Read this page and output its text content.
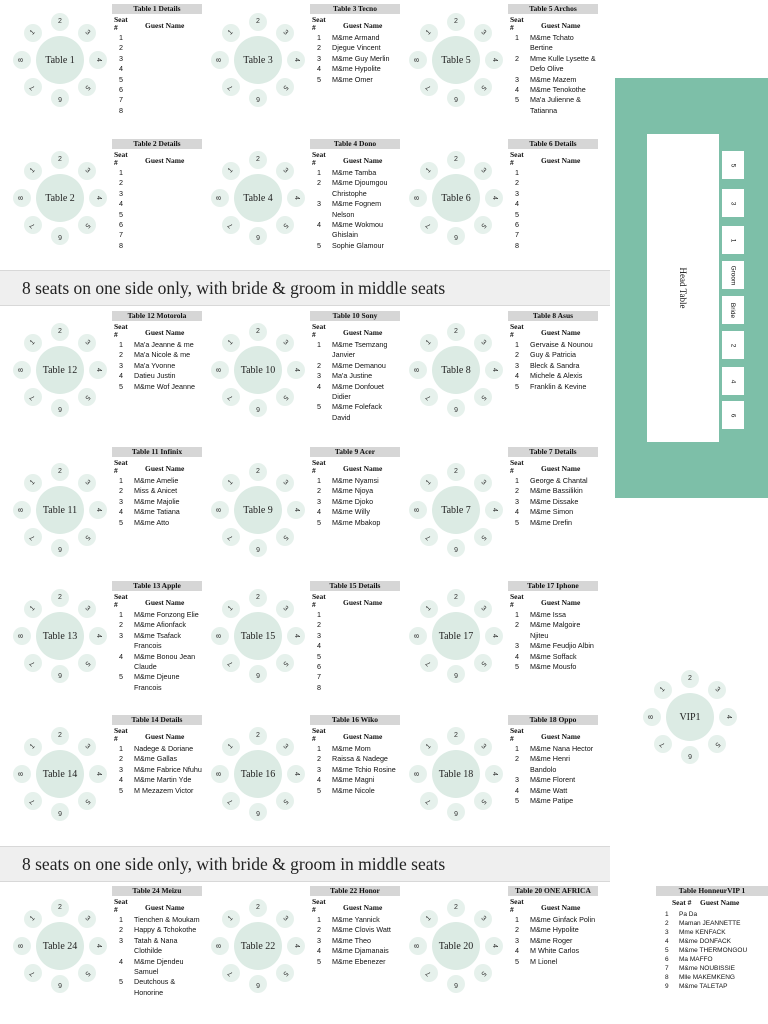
8 seats on one side only, with bride & groom in middle seats
8 seats on one side only, with bride & groom in middle seats
Table 1
2
3
4
5
6
7
8
1
Table 3
2
3
4
5
6
7
8
1
Table 5
2
3
4
5
6
7
8
1
Table 2
2
3
4
5
6
7
8
1
Table 4
2
3
4
5
6
7
8
1
Table 6
2
3
4
5
6
7
8
1
Table 12
2
3
4
5
6
7
8
1
Table 10
2
3
4
5
6
7
8
1
Table 8
2
3
4
5
6
7
8
1
Table 11
2
3
4
5
6
7
8
1
Table 9
2
3
4
5
6
7
8
1
Table 7
2
3
4
5
6
7
8
1
Table 13
2
3
4
5
6
7
8
1
Table 15
2
3
4
5
6
7
8
1
Table 17
2
3
4
5
6
7
8
1
Table 14
2
3
4
5
6
7
8
1
Table 16
2
3
4
5
6
7
8
1
Table 18
2
3
4
5
6
7
8
1
VIP1
2
3
4
5
6
7
8
1
Table 24
2
3
4
5
6
7
8
1
Table 22
2
3
4
5
6
7
8
1
Table 20
2
3
4
5
6
7
8
1
Table 1 Details
Seat #	Guest Name
1
2
3
4
5
6
7
8
Table 3 Tecno
Seat #	Guest Name
1	M&me Armand
2	Djegue Vincent
3	M&me Guy Merlin
4	M&me Hypolite
5	M&me Omer
Table 5 Archos
Seat #	Guest Name
1	M&me Tchato Bertine
2	Mme Kulle Lysette & Defo Olive
3	M&me Mazem
4	M&me Tenokothe
5	Ma'a Julienne & Tatianna
Table 2 Details
Seat #	Guest Name
1
2
3
4
5
6
7
8
Table 4 Dono
Seat #	Guest Name
1	M&me Tamba
2	M&me Djoumgou Christophe
3	M&me Fognem Nelson
4	M&me Wokmou Ghislain
5	Sophie Glamour
Table 6 Details
Seat #	Guest Name
1
2
3
4
5
6
7
8
Table 12 Motorola
Seat #	Guest Name
1	Ma'a Jeanne & me
2	Ma'a Nicole & me
3	Ma'a Yvonne
4	Datieu Justin
5	M&me Wof Jeanne
Table 10 Sony
Seat #	Guest Name
1	M&me Tsemzang Janvier
2	M&me Demanou
3	Ma'a Justine
4	M&me Donfouet Didier
5	M&me Folefack David
Table 8 Asus
Seat #	Guest Name
1	Gervaise & Nounou
2	Guy & Patricia
3	Bleck & Sandra
4	Michele & Alexis
5	Franklin & Kevine
Table 11 Infinix
Seat #	Guest Name
1	M&me Amelie
2	Miss & Anicet
3	M&me Majolie
4	M&me Tatiana
5	M&me Atto
Table 9 Acer
Seat #	Guest Name
1	M&me Nyamsi
2	M&me Njoya
3	M&me Djoko
4	M&me Willy
5	M&me Mbakop
Table 7 Details
Seat #	Guest Name
1	George & Chantal
2	M&me Bassilikin
3	M&me Dissake
4	M&me Simon
5	M&me Drefin
Table 13 Apple
Seat #	Guest Name
1	M&me Fonzong Elie
2	M&me Afionfack
3	M&me Tsafack Francois
4	M&me Bonou Jean Claude
5	M&me Djeune Francois
Table 15 Details
Seat #	Guest Name
1
2
3
4
5
6
7
8
Table 17 Iphone
Seat #	Guest Name
1	M&me Issa
2	M&me Malgoire Njiteu
3	M&me Feudjio Albin
4	M&me Soffack
5	M&me Mousfo
Table 14 Details
Seat #	Guest Name
1	Nadege & Doriane
2	M&me Gallas
3	M&me Fabrice Nfuhu
4	M&me Martin Yde
5	M Mezazem Victor
Table 16 Wiko
Seat #	Guest Name
1	M&me Mom
2	Raissa & Nadege
3	M&me Tchio Rosine
4	M&me Magni
5	M&me Nicole
Table 18 Oppo
Seat #	Guest Name
1	M&me Nana Hector
2	M&me Henri Bandolo
3	M&me Florent
4	M&me Watt
5	M&me Patipe
Table 24 Meizu
Seat #	Guest Name
1	Tienchen & Moukam
2	Happy & Tchokothe
3	Tatah & Nana Clothilde
4	M&me Djendeu Samuel
5	Deutchous & Honorine
Table 22 Honor
Seat #	Guest Name
1	M&me Yannick
2	M&me Clovis Watt
3	M&me Theo
4	M&me Djamanais
5	M&me Ebenezer
Table 20 ONE AFRICA
Seat #	Guest Name
1	M&me Ginfack Polin
2	M&me Hypolite
3	M&me Roger
4	M White Carlos
5	M Lionel
Head Table
5
3
1
Groom
Bride
2
4
6
Table HonneurVIP 1
Seat #	Guest Name
1	Pa Da
2	Maman JEANNETTE
3	Mme KENFACK
4	M&me DONFACK
5	M&me THERMONGOU
6	Ma MAFFO
7	M&me NOUBISSIE
8	Mlle MAKEMKENG
9	M&me TALETAP
